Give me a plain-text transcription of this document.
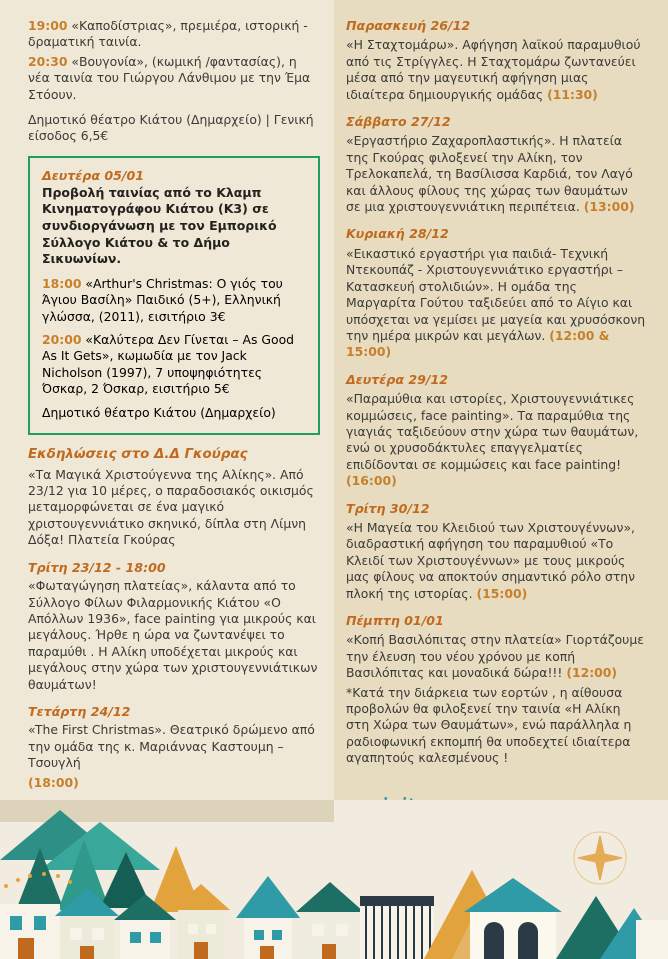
19:00 «Καποδίστριας», πρεμιέρα, ιστορική - δραματική ταινία.

20:30 «Βουγονία», (κωμική /φαντασίας), η νέα ταινία του Γιώργου Λάνθιμου με την Έμα Στόουν.

Δημοτικό θέατρο Κιάτου (Δημαρχείο) | Γενική είσοδος 6,5€

Δευτέρα 05/01

Προβολή ταινίας από το Κλαμπ Κινηματογράφου Κιάτου (Κ3) σε συνδιοργάνωση με τον Εμπορικό Σύλλογο Κιάτου & το Δήμο Σικυωνίων.

18:00 «Arthur's Christmas: Ο γιός του Άγιου Βασίλη» Παιδικό (5+), Ελληνική γλώσσα, (2011), εισιτήριο 3€

20:00 «Καλύτερα Δεν Γίνεται – As Good As It Gets», κωμωδία με τον Jack Nicholson (1997), 7 υποψηφιότητες Όσκαρ, 2 Όσκαρ, εισιτήριο 5€

Δημοτικό θέατρο Κιάτου (Δημαρχείο)

Εκδηλώσεις στο Δ.Δ Γκούρας

«Τα Μαγικά Χριστούγεννα της Αλίκης». Από 23/12 για 10 μέρες, ο παραδοσιακός οικισμός μεταμορφώνεται σε ένα μαγικό χριστουγεννιάτικο σκηνικό, δίπλα στη Λίμνη Δόξα! Πλατεία Γκούρας

Τρίτη 23/12 - 18:00

«Φωταγώγηση πλατείας», κάλαντα από το Σύλλογο Φίλων Φιλαρμονικής Κιάτου «Ο Απόλλων 1936», face painting για μικρούς και μεγάλους. Ήρθε η ώρα να ζωντανέψει το παραμύθι . Η Αλίκη υποδέχεται μικρούς και μεγάλους στην χώρα των χριστουγεννιάτικων θαυμάτων!

Τετάρτη 24/12

«The First Christmas». Θεατρικό δρώμενο από την ομάδα της κ. Μαριάννας Καστουμη –Τσουγλή

(18:00)

Παρασκευή 26/12

«Η Σταχτομάρω». Αφήγηση λαϊκού παραμυθιού από τις Στρίγγλες. Η Σταχτομάρω ζωντανεύει μέσα από την μαγευτική αφήγηση μιας ιδιαίτερα δημιουργικής ομάδας (11:30)

Σάββατο 27/12

«Εργαστήριο Ζαχαροπλαστικής». Η πλατεία της Γκούρας φιλοξενεί την Αλίκη, τον Τρελοκαπελά, τη Βασίλισσα Καρδιά, τον Λαγό και άλλους φίλους της χώρας των θαυμάτων σε μια χριστουγεννιάτικη περιπέτεια. (13:00)

Κυριακή 28/12

«Εικαστικό εργαστήρι για παιδιά- Τεχνική Ντεκουπάζ - Χριστουγεννιάτικο εργαστήρι – Κατασκευή στολιδιών». Η ομάδα της Μαργαρίτα Γούτου ταξιδεύει από το Αίγιο και υπόσχεται να γεμίσει με μαγεία και χρυσόσκονη την ημέρα μικρών και μεγάλων. (12:00 & 15:00)

Δευτέρα 29/12

«Παραμύθια και ιστορίες, Χριστουγεννιάτικες κομμώσεις, face painting». Τα παραμύθια της γιαγιάς ταξιδεύουν στην χώρα των θαυμάτων, ενώ οι χρυσοδάκτυλες επαγγελματίες επιδίδονται σε κομμώσεις και face painting! (16:00)

Τρίτη 30/12

«Η Μαγεία του Κλειδιού των Χριστουγέννων», διαδραστική αφήγηση του παραμυθιού «Το Κλειδί των Χριστουγέννων» με τους μικρούς μας φίλους να αποκτούν σημαντικό ρόλο στην πλοκή της ιστορίας. (15:00)

Πέμπτη 01/01

«Κοπή Βασιλόπιτας στην πλατεία» Γιορτάζουμε την έλευση του νέου χρόνου με κοπή Βασιλόπιτας και μοναδικά δώρα!!! (12:00)

*Κατά την διάρκεια των εορτών , η αίθουσα προβολών θα φιλοξενεί την ταινία «Η Αλίκη στη Χώρα των Θαυμάτων», ενώ παράλληλα η ραδιοφωνική εκπομπή θα υποδεχτεί ιδιαίτερα αγαπητούς καλεσμένους !
